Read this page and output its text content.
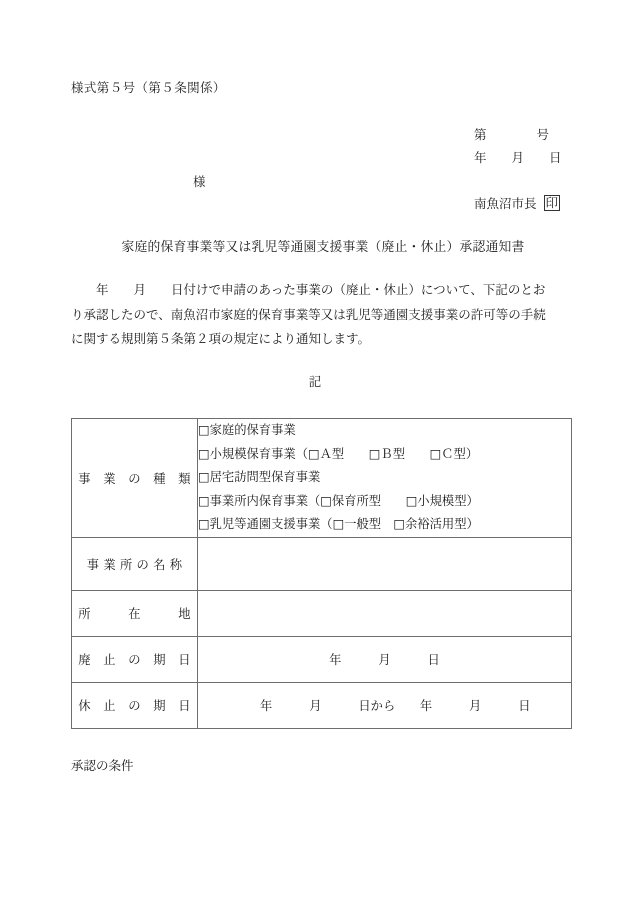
様式第５号（第５条関係）
第　　　　号
年　　月　　日
様
南魚沼市長 印
家庭的保育事業等又は乳児等通園支援事業（廃止・休止）承認通知書
　　年　　月　　日付けで申請のあった事業の（廃止・休止）について、下記のとお
り承認したので、南魚沼市家庭的保育事業等又は乳児等通園支援事業の許可等の手続
に関する規則第５条第２項の規定により通知します。
記
事　業　の　種　類	□家庭的保育事業
□小規模保育事業（□Ａ型　　□Ｂ型　　□Ｃ型）
□居宅訪問型保育事業
□事業所内保育事業（□保育所型　　□小規模型）
□乳児等通園支援事業（□一般型　□余裕活用型）

事 業 所 の 名 称	
所　　　在　　　地	
廃　止　の　期　日	年　　　月　　　日
休　止　の　期　日	年　　　月　　　日から　　年　　　月　　　日
承認の条件
